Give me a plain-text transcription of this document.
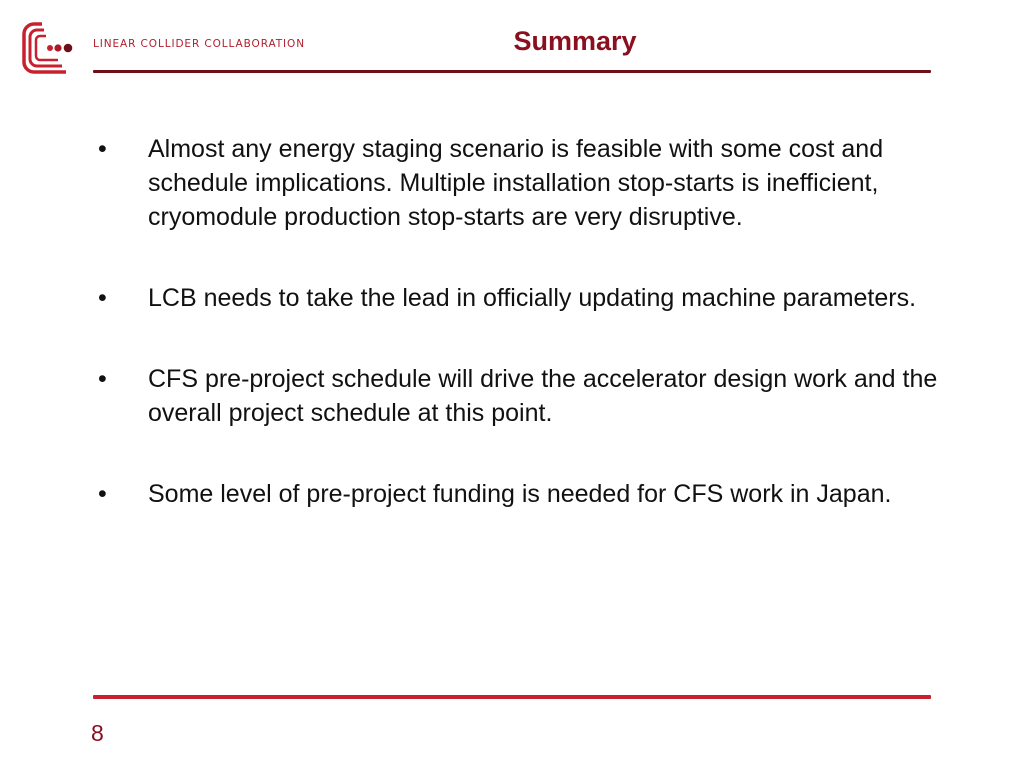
LINEAR COLLIDER COLLABORATION	Summary
• Almost any energy staging scenario is feasible with some cost and schedule implications. Multiple installation stop-starts is inefficient, cryomodule production stop-starts are very disruptive.
• LCB needs to take the lead in officially updating machine parameters.
• CFS pre-project schedule will drive the accelerator design work and the overall project schedule at this point.
• Some level of pre-project funding is needed for CFS work in Japan.
8
